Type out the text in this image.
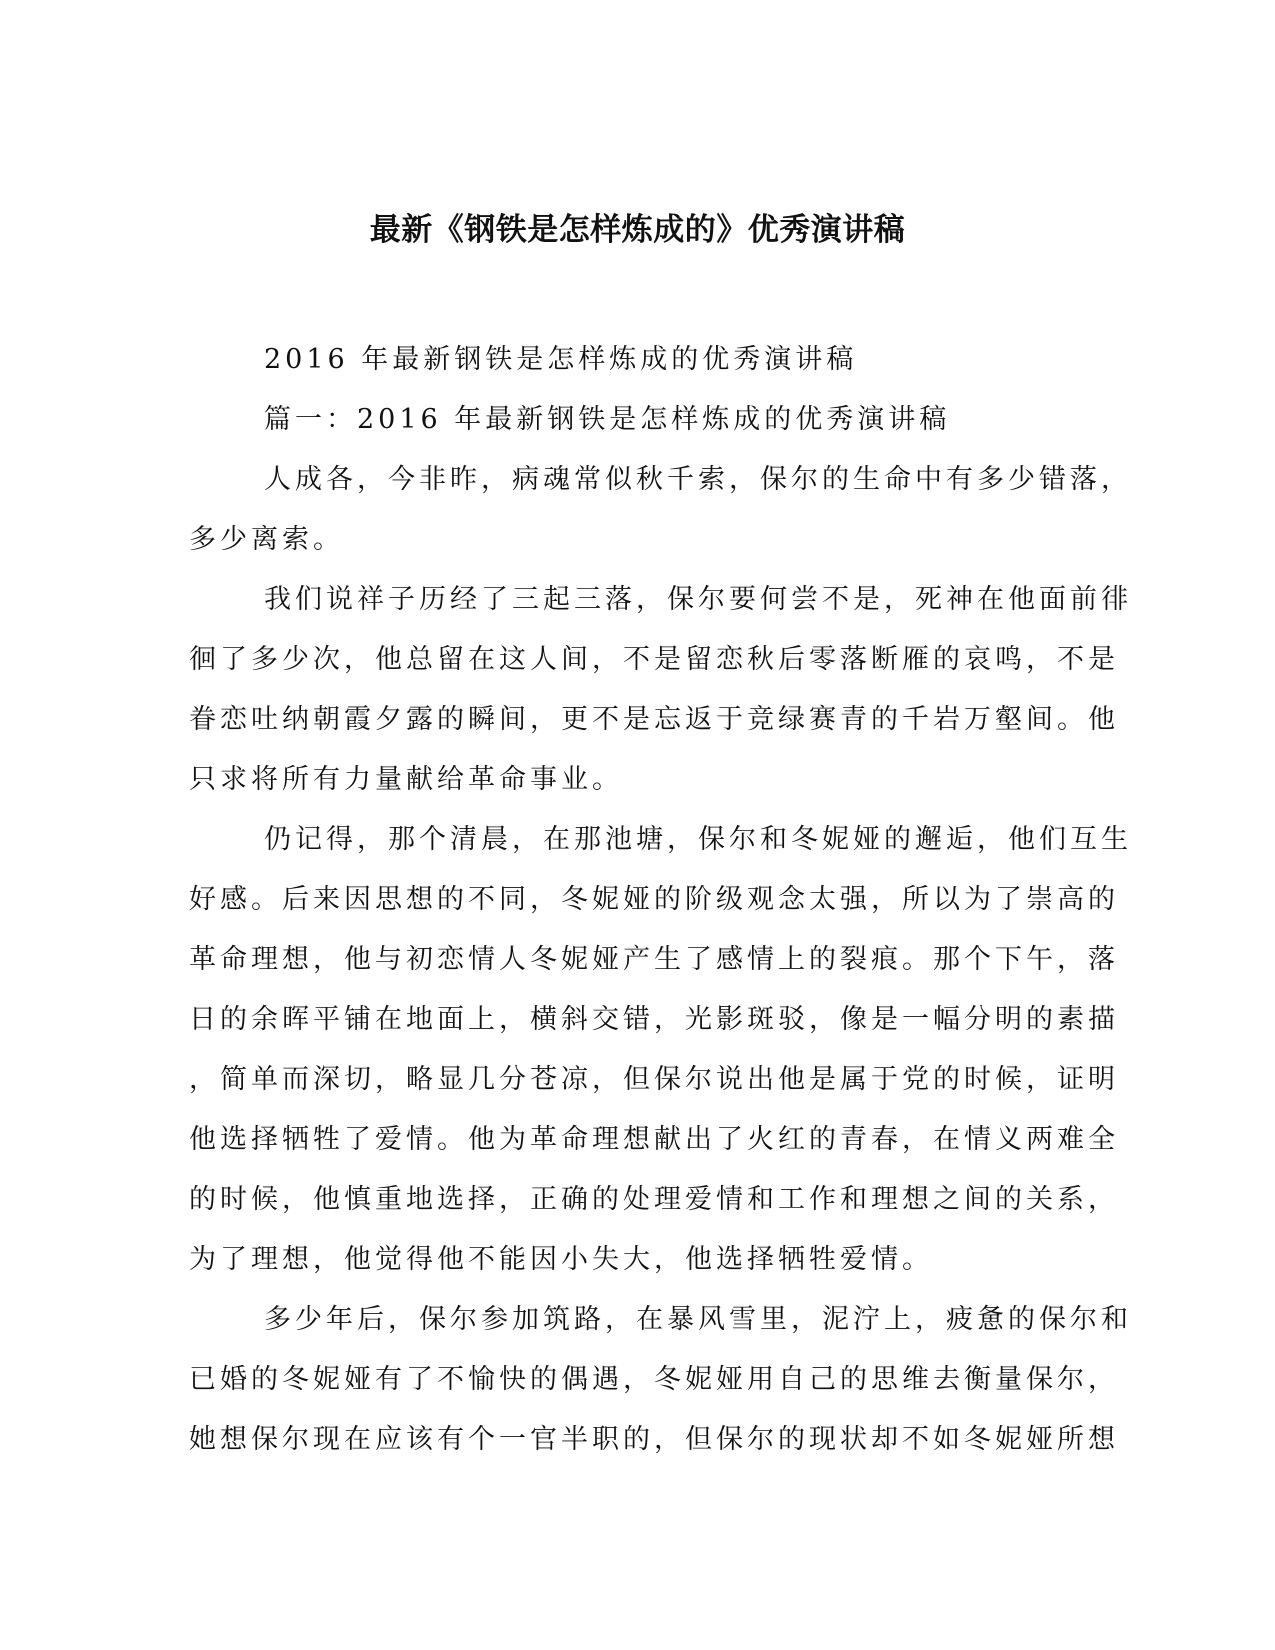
最新《钢铁是怎样炼成的》优秀演讲稿

2016 年最新钢铁是怎样炼成的优秀演讲稿

篇一：2016 年最新钢铁是怎样炼成的优秀演讲稿

人成各，今非昨，病魂常似秋千索，保尔的生命中有多少错落，
多少离索。

我们说祥子历经了三起三落，保尔要何尝不是，死神在他面前徘
徊了多少次，他总留在这人间，不是留恋秋后零落断雁的哀鸣，不是
眷恋吐纳朝霞夕露的瞬间，更不是忘返于竞绿赛青的千岩万壑间。他
只求将所有力量献给革命事业。

仍记得，那个清晨，在那池塘，保尔和冬妮娅的邂逅，他们互生
好感。后来因思想的不同，冬妮娅的阶级观念太强，所以为了崇高的
革命理想，他与初恋情人冬妮娅产生了感情上的裂痕。那个下午，落
日的余晖平铺在地面上，横斜交错，光影斑驳，像是一幅分明的素描
，简单而深切，略显几分苍凉，但保尔说出他是属于党的时候，证明
他选择牺牲了爱情。他为革命理想献出了火红的青春，在情义两难全
的时候，他慎重地选择，正确的处理爱情和工作和理想之间的关系，
为了理想，他觉得他不能因小失大，他选择牺牲爱情。

多少年后，保尔参加筑路，在暴风雪里，泥泞上，疲惫的保尔和
已婚的冬妮娅有了不愉快的偶遇，冬妮娅用自己的思维去衡量保尔，
她想保尔现在应该有个一官半职的，但保尔的现状却不如冬妮娅所想
